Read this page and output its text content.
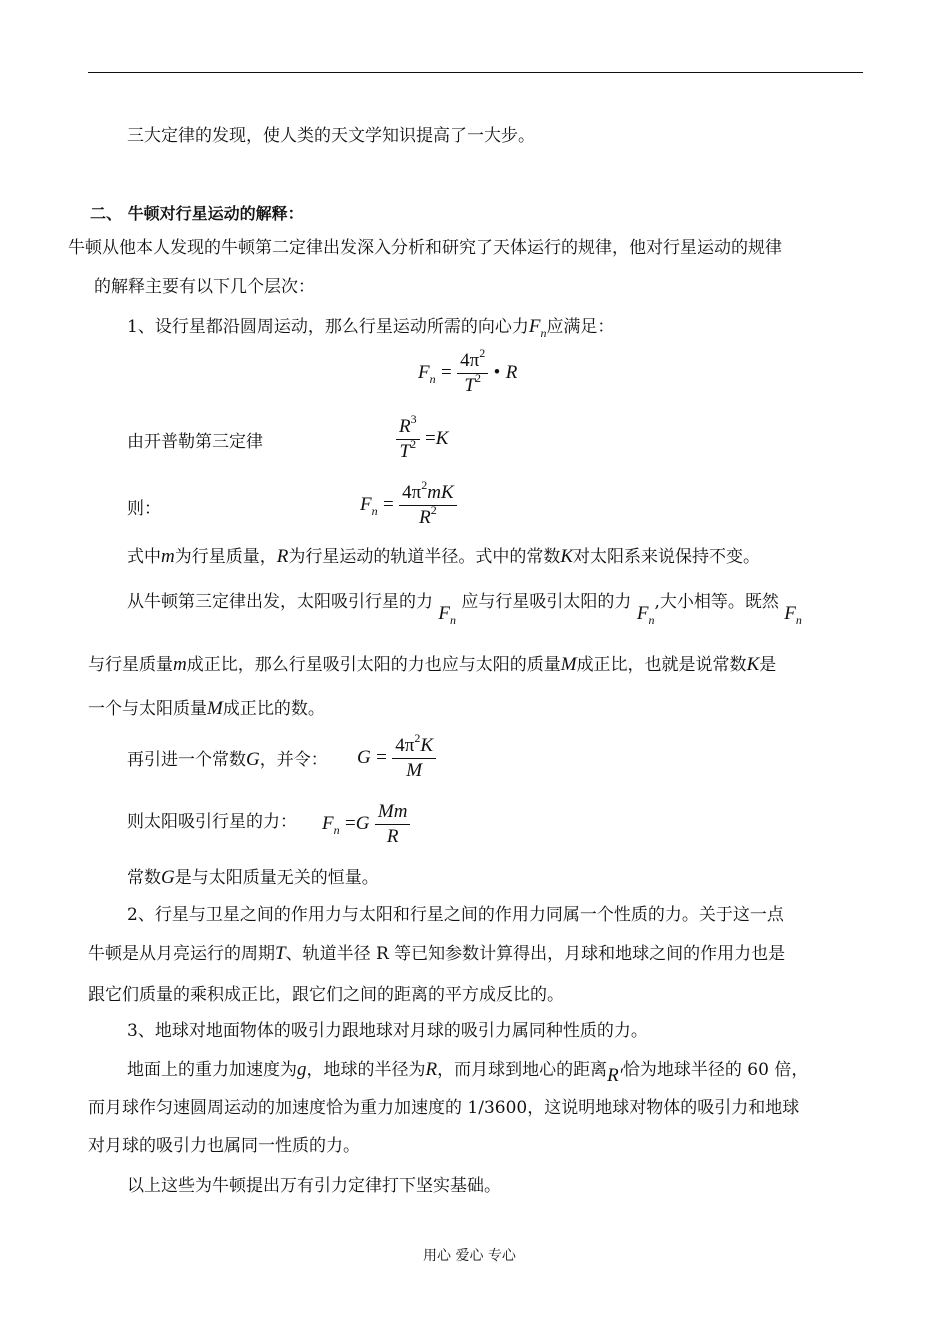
三大定律的发现，使人类的天文学知识提高了一大步。
二、 牛顿对行星运动的解释：
牛顿从他本人发现的牛顿第二定律出发深入分析和研究了天体运行的规律，他对行星运动的规律
的解释主要有以下几个层次：
1、设行星都沿圆周运动，那么行星运动所需的向心力$F_n$应满足：
$F_n = \frac{4\pi^2}{T^2}$ • R
由开普勒第三定律	$\frac{R^3}{T^2} =K$
则：	$F_n = \frac{4\pi^2mK}{R^2}$
式中m为行星质量，R为行星运动的轨道半径。式中的常数K对太阳系来说保持不变。
从牛顿第三定律出发，太阳吸引行星的力 $F_n$ 应与行星吸引太阳的力 $F_n$,大小相等。既然 $F_n$
与行星质量m成正比，那么行星吸引太阳的力也应与太阳的质量M成正比，也就是说常数K是
一个与太阳质量M成正比的数。
再引进一个常数G，并令： $G = \frac{4\pi^2K}{M}$
则太阳吸引行星的力： $F_n =G \frac{Mm}{R}$
常数G是与太阳质量无关的恒量。
2、行星与卫星之间的作用力与太阳和行星之间的作用力同属一个性质的力。关于这一点
牛顿是从月亮运行的周期T、轨道半径 R 等已知参数计算得出，月球和地球之间的作用力也是
跟它们质量的乘积成正比，跟它们之间的距离的平方成反比的。
3、地球对地面物体的吸引力跟地球对月球的吸引力属同种性质的力。
地面上的重力加速度为g，地球的半径为R，而月球到地心的距离R′恰为地球半径的 60 倍，
而月球作匀速圆周运动的加速度恰为重力加速度的 1/3600，这说明地球对物体的吸引力和地球
对月球的吸引力也属同一性质的力。
以上这些为牛顿提出万有引力定律打下坚实基础。
用心 爱心 专心
